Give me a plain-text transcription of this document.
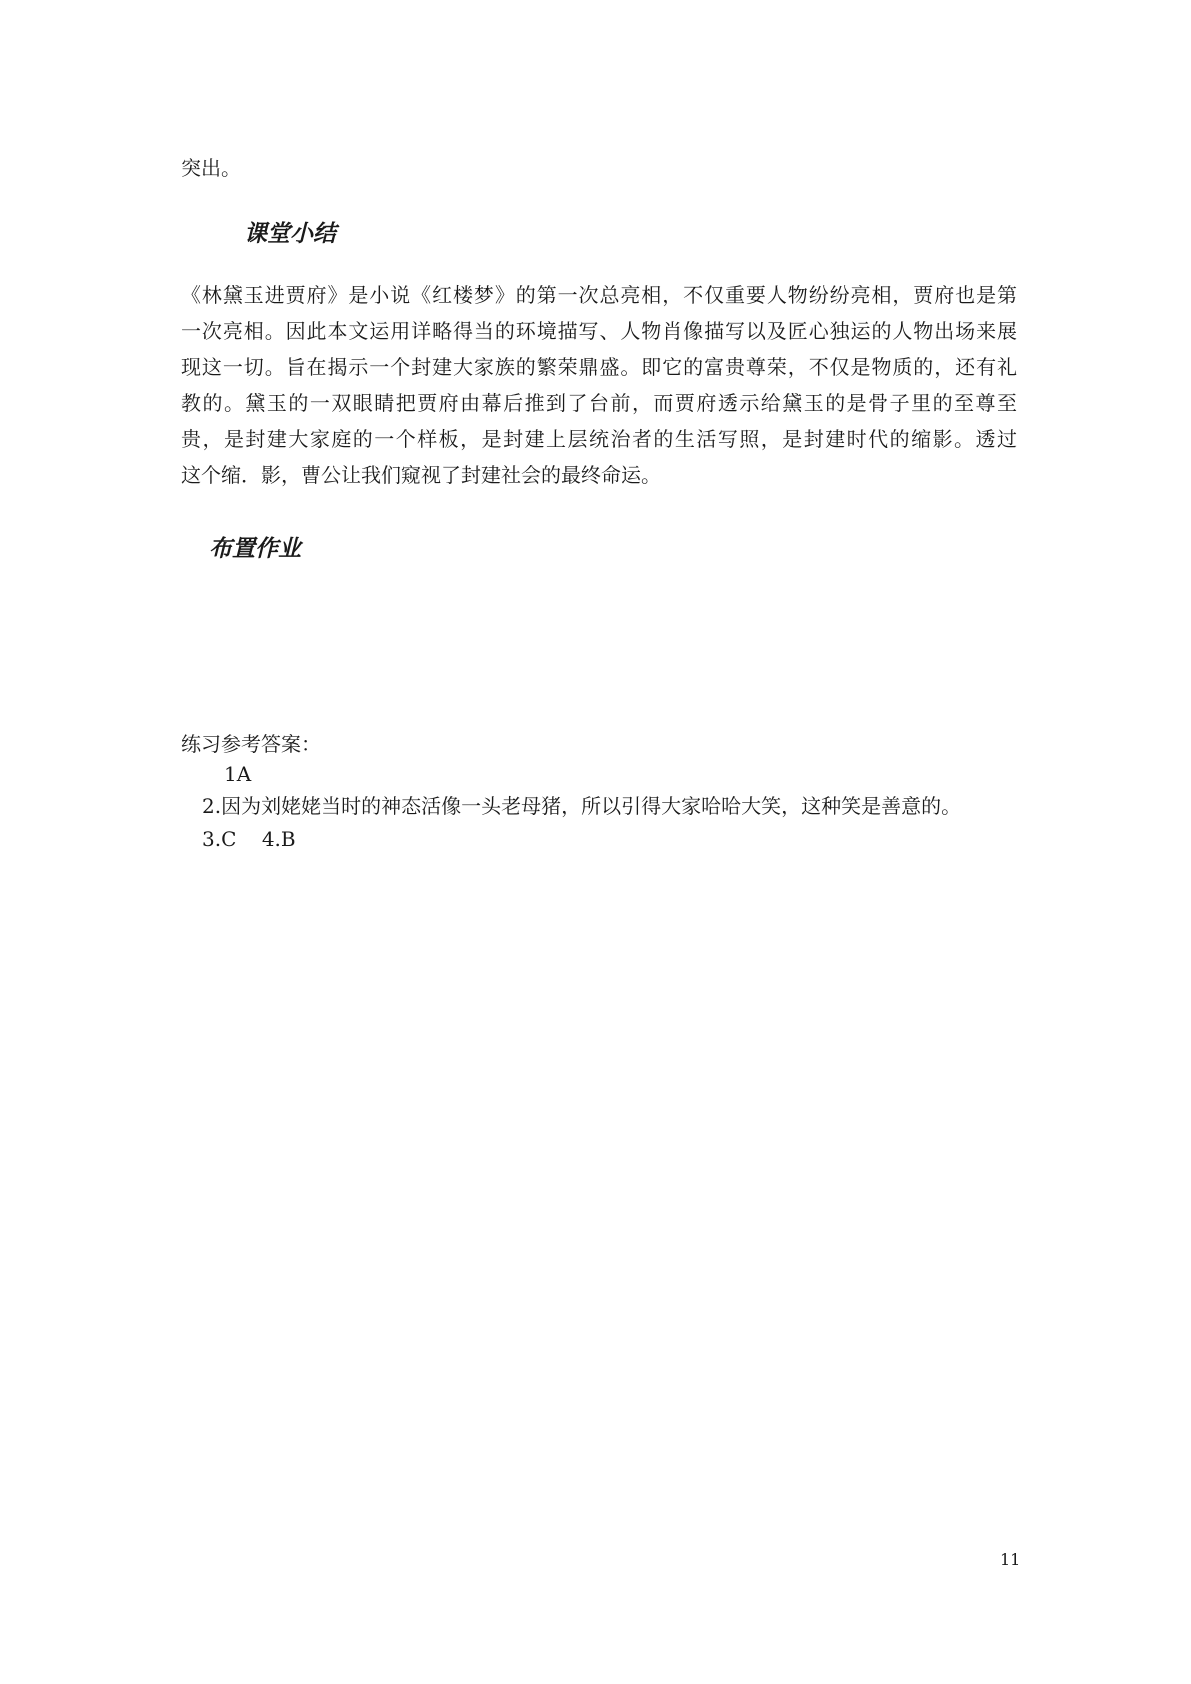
突出。
课堂小结
《林黛玉进贾府》是小说《红楼梦》的第一次总亮相，不仅重要人物纷纷亮相，贾府也是第
一次亮相。因此本文运用详略得当的环境描写、人物肖像描写以及匠心独运的人物出场来展
现这一切。旨在揭示一个封建大家族的繁荣鼎盛。即它的富贵尊荣，不仅是物质的，还有礼
教的。黛玉的一双眼睛把贾府由幕后推到了台前，而贾府透示给黛玉的是骨子里的至尊至
贵，是封建大家庭的一个样板，是封建上层统治者的生活写照，是封建时代的缩影。透过
这个缩．影，曹公让我们窥视了封建社会的最终命运。
布置作业
练习参考答案：
1A
2.因为刘姥姥当时的神态活像一头老母猪，所以引得大家哈哈大笑，这种笑是善意的。
3.C    4.B
11
